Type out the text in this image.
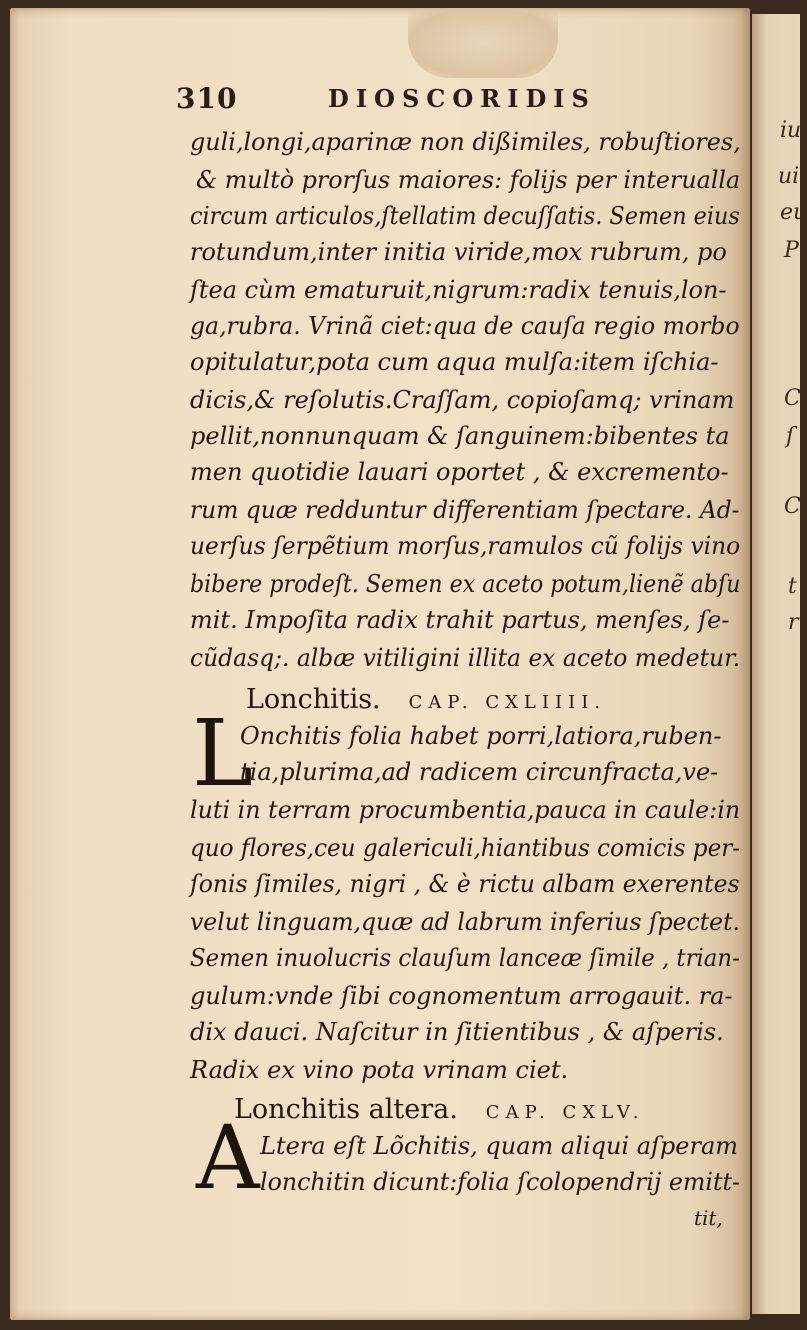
iu
ui
eu
P
C
ſ
t
r
C
310	DIOSCORIDIS
guli,longi,aparinæ non dißimiles, robuſtiores,
& multò prorſus maiores: folijs per interualla
circum articulos,ſtellatim decuſſatis. Semen eius
rotundum,inter initia viride,mox rubrum, po
ſtea cùm ematuruit,nigrum:radix tenuis,lon-
ga,rubra. Vrinã ciet:qua de cauſa regio morbo
opitulatur,pota cum aqua mulſa:item iſchia-
dicis,& reſolutis.Craſſam, copioſamq; vrinam
pellit,nonnunquam & ſanguinem:bibentes ta
men quotidie lauari oportet , & excremento-
rum quæ redduntur differentiam ſpectare. Ad-
uerſus ſerpẽtium morſus,ramulos cũ folijs vino
bibere prodeſt. Semen ex aceto potum,lienẽ abſu
mit. Impoſita radix trahit partus, menſes, ſe-
cũdasq;. albæ vitiligini illita ex aceto medetur.
Lonchitis. CAP. CXLIIII.
L
Onchitis folia habet porri,latiora,ruben-
tia,plurima,ad radicem circunfracta,ve-
luti in terram procumbentia,pauca in caule:in
quo flores,ceu galericuli,hiantibus comicis per-
ſonis ſimiles, nigri , & è rictu albam exerentes
velut linguam,quæ ad labrum inferius ſpectet.
Semen inuolucris clauſum lanceæ ſimile , trian-
gulum:vnde ſibi cognomentum arrogauit. ra-
dix dauci. Naſcitur in ſitientibus , & aſperis.
Radix ex vino pota vrinam ciet.
Lonchitis altera. CAP. CXLV.
A Ltera eſt Lõchitis, quam aliqui aſperam
lonchitin dicunt:folia ſcolopendrij emitt-
tit,
